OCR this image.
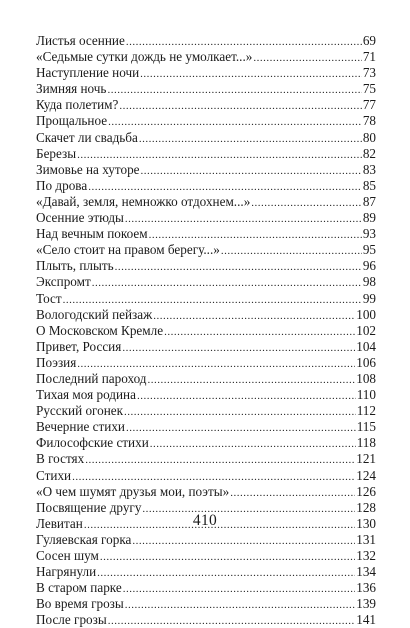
Листья осенние .....	69
«Седьмые сутки дождь не умолкает...» .....	71
Наступление ночи .....	73
Зимняя ночь .....	75
Куда полетим? .....	77
Прощальное .....	78
Скачет ли свадьба .....	80
Березы .....	82
Зимовье на хуторе .....	83
По дрова .....	85
«Давай, земля, немножко отдохнем...» .....	87
Осенние этюды .....	89
Над вечным покоем .....	93
«Село стоит на правом берегу...» .....	95
Плыть, плыть .....	96
Экспромт .....	98
Тост .....	99
Вологодский пейзаж .....	100
О Московском Кремле .....	102
Привет, Россия .....	104
Поэзия .....	106
Последний пароход .....	108
Тихая моя родина .....	110
Русский огонек .....	112
Вечерние стихи .....	115
Философские стихи .....	118
В гостях .....	121
Стихи .....	124
«О чем шумят друзья мои, поэты» .....	126
Посвящение другу .....	128
Левитан .....	130
Гуляевская горка .....	131
Сосен шум .....	132
Нагрянули .....	134
В старом парке .....	136
Во время грозы .....	139
После грозы .....	141
410
